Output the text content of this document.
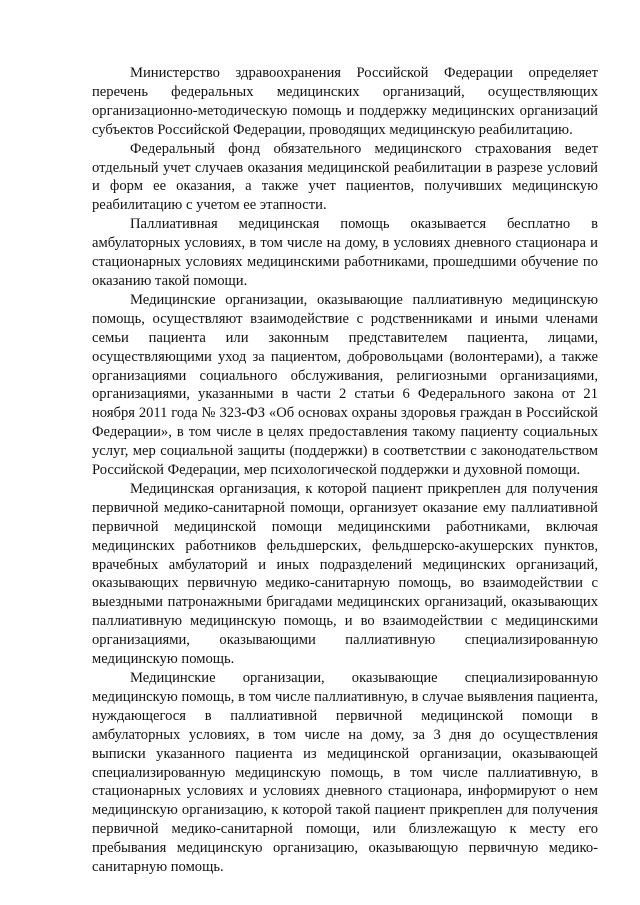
Министерство здравоохранения Российской Федерации определяет перечень федеральных медицинских организаций, осуществляющих организационно-методическую помощь и поддержку медицинских организаций субъектов Российской Федерации, проводящих медицинскую реабилитацию.

Федеральный фонд обязательного медицинского страхования ведет отдельный учет случаев оказания медицинской реабилитации в разрезе условий и форм ее оказания, а также учет пациентов, получивших медицинскую реабилитацию с учетом ее этапности.

Паллиативная медицинская помощь оказывается бесплатно в амбулаторных условиях, в том числе на дому, в условиях дневного стационара и стационарных условиях медицинскими работниками, прошедшими обучение по оказанию такой помощи.

Медицинские организации, оказывающие паллиативную медицинскую помощь, осуществляют взаимодействие с родственниками и иными членами семьи пациента или законным представителем пациента, лицами, осуществляющими уход за пациентом, добровольцами (волонтерами), а также организациями социального обслуживания, религиозными организациями, организациями, указанными в части 2 статьи 6 Федерального закона от 21 ноября 2011 года № 323-ФЗ «Об основах охраны здоровья граждан в Российской Федерации», в том числе в целях предоставления такому пациенту социальных услуг, мер социальной защиты (поддержки) в соответствии с законодательством Российской Федерации, мер психологической поддержки и духовной помощи.

Медицинская организация, к которой пациент прикреплен для получения первичной медико-санитарной помощи, организует оказание ему паллиативной первичной медицинской помощи медицинскими работниками, включая медицинских работников фельдшерских, фельдшерско-акушерских пунктов, врачебных амбулаторий и иных подразделений медицинских организаций, оказывающих первичную медико-санитарную помощь, во взаимодействии с выездными патронажными бригадами медицинских организаций, оказывающих паллиативную медицинскую помощь, и во взаимодействии с медицинскими организациями, оказывающими паллиативную специализированную медицинскую помощь.

Медицинские организации, оказывающие специализированную медицинскую помощь, в том числе паллиативную, в случае выявления пациента, нуждающегося в паллиативной первичной медицинской помощи в амбулаторных условиях, в том числе на дому, за 3 дня до осуществления выписки указанного пациента из медицинской организации, оказывающей специализированную медицинскую помощь, в том числе паллиативную, в стационарных условиях и условиях дневного стационара, информируют о нем медицинскую организацию, к которой такой пациент прикреплен для получения первичной медико-санитарной помощи, или близлежащую к месту его пребывания медицинскую организацию, оказывающую первичную медико-санитарную помощь.
